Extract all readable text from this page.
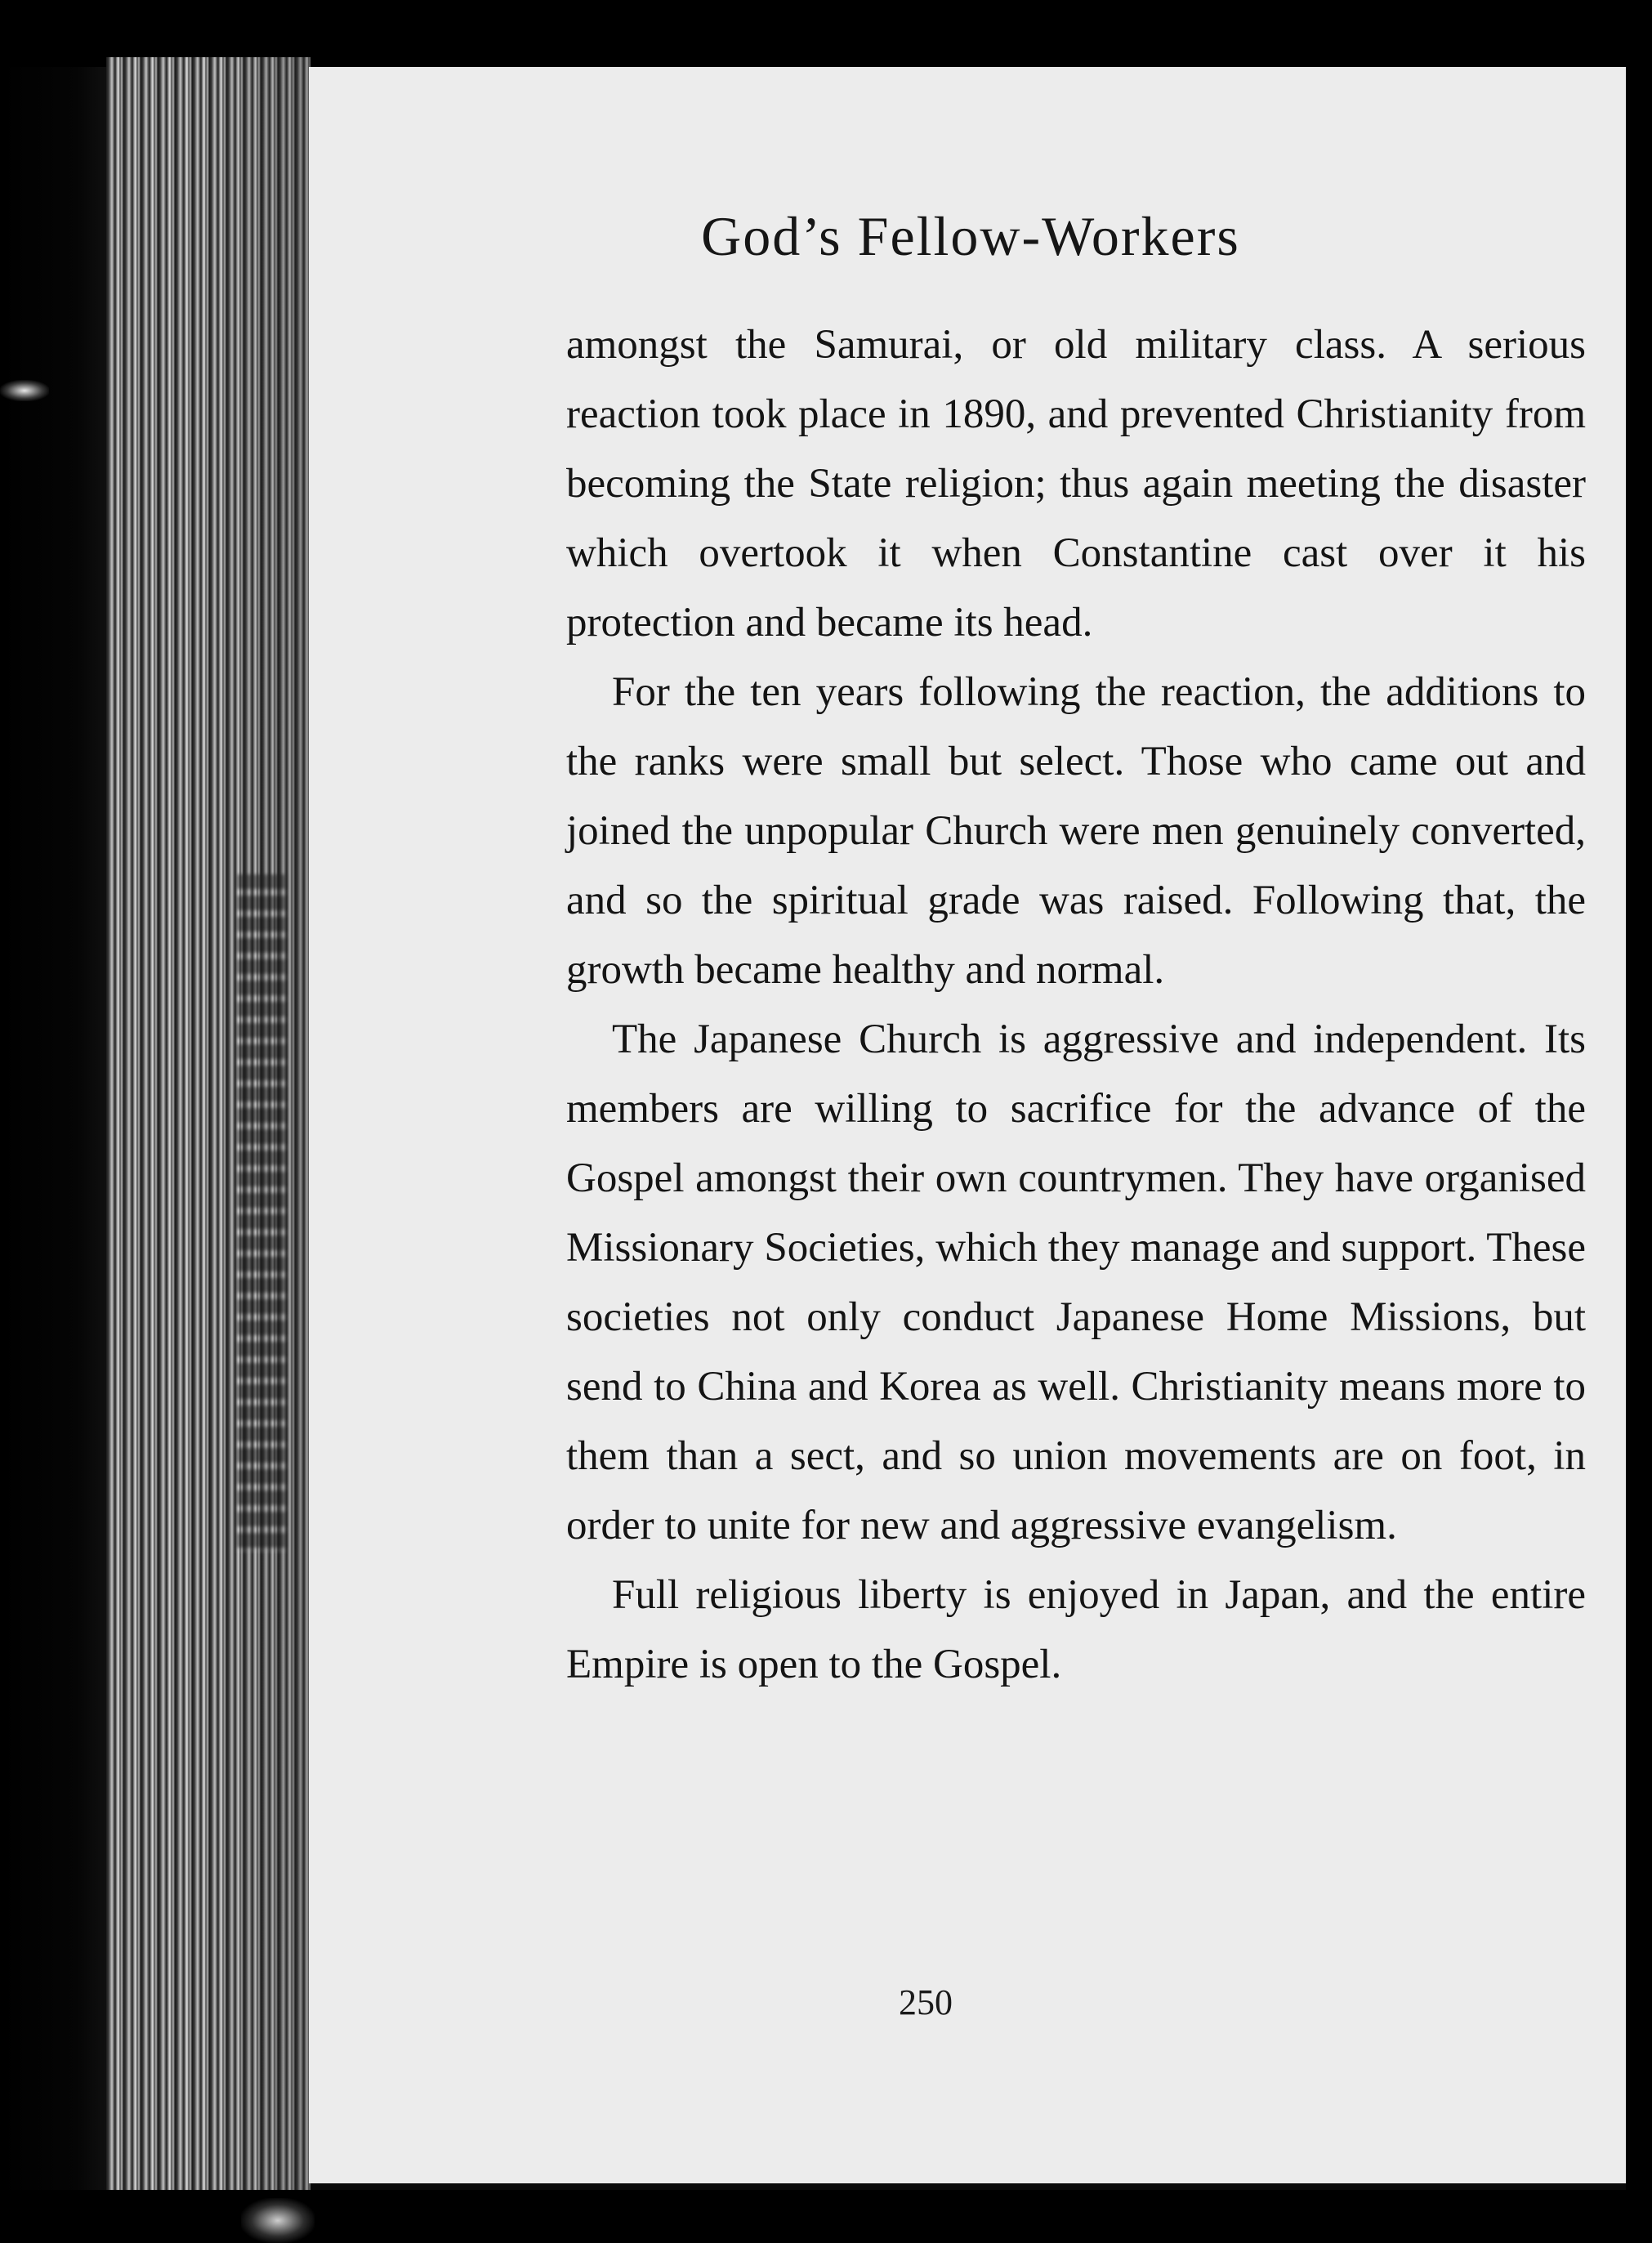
God’s Fellow-Workers

amongst the Samurai, or old military class. A serious reaction took place in 1890, and prevented Christianity from becoming the State religion; thus again meeting the disaster which overtook it when Constantine cast over it his protection and became its head.

For the ten years following the reaction, the additions to the ranks were small but select. Those who came out and joined the unpopular Church were men genuinely converted, and so the spiritual grade was raised. Following that, the growth became healthy and normal.

The Japanese Church is aggressive and independent. Its members are willing to sacrifice for the advance of the Gospel amongst their own countrymen. They have organised Missionary Societies, which they manage and support. These societies not only conduct Japanese Home Missions, but send to China and Korea as well. Christianity means more to them than a sect, and so union movements are on foot, in order to unite for new and aggressive evangelism.

Full religious liberty is enjoyed in Japan, and the entire Empire is open to the Gospel.

250
